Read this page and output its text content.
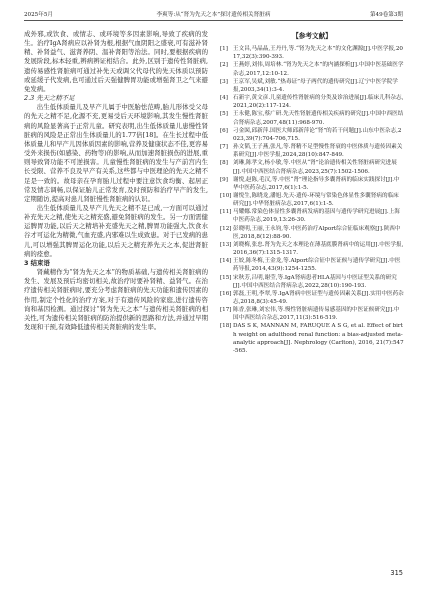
2025年5月	李爽等:从“肾为先天之本”探讨遗传相关肾脏病	第49卷第3期

成外邪,或饮食、或情志、或环境等多因素影响,导致了疾病的发生。治疗IgA肾病应以补肾为根,根据气血阴阳之盛衰,可有滋补肾精、补肾益气、滋肾养阴、温补肾阳等治法。同时,要根据疾病的发展阶段,标本轻重,辨病辨证相结合。此外,区别于遗传性肾脏病,遗传易感性肾脏病可通过补先天或调父代母代的先天体质以预防或延缓子代发病,也可通过后天强健脾胃功能或增强肾卫之气来避免发病。

2.3 先天之精不足

出生低体质量儿及早产儿属于中医胎怯范畴,胎儿形体受父母的先天之精不足,化源不充,更易受后天环境影响,其发生慢性肾脏病的风险显著高于正常儿童。研究表明,出生低体质量儿患慢性肾脏病的风险是正常出生体质量儿的1.77倍[18]。在生长过程中低体质量儿和早产儿因体质因素的影响,营养及健康状态不佳,更容易受外来损伤(如感染、药物等)的影响,从而加速肾脏损伤的进展,重则导致肾功能不可逆损害。儿童慢性肾脏病的发生与产前宫内生长受限、营养不良及早产有关系,这些都与中医理论的先天之精不足是一致的。故母亲在孕育胎儿过程中要注意饮食均衡、起居正常及情志调畅,以保证胎儿正常发育,及时预防和治疗早产的发生,定期随访,提高对患儿肾脏慢性肾脏病的认识。

出生低体质量儿及早产儿先天之精不足已成,一方面可以通过补充先天之精,使先天之精充盛,避免肾脏病的发生。另一方面需健运脾胃功能,以后天之精培补充盛先天之精,脾胃功能强大,饮食水谷才可运化为精微,气血充盛,内邪难以生成致患。对于已发病的患儿,可以增强其脾胃运化功能,以后天之精充养先天之本,促进肾脏病的痊愈。

3 结束语

肾藏精作为“肾为先天之本”的物质基础,与遗传相关肾脏病的发生、发展及预后均密切相关,故治疗时要补肾精、益肾气。在治疗遗传相关肾脏病时,要充分考虑肾脏病的先天功能和遗传因素的作用,制定个性化的治疗方案,对于有遗传风险的家庭,进行遗传咨询和基因检测。通过探讨“肾为先天之本”与遗传相关肾脏病的相关性,可为遗传相关肾脏病的防治提供新的思路和方法,并通过早期发现和干预,有效降低遗传相关肾脏病的发生率。

【参考文献】
[1] 王文昌,马晶晶,王丹丹,等.“肾为先天之本”的文化渊源[J].中医学报,2017,32(3):390-393.
[2] 王燕婷,刘伟,周培林.“肾为先天之本”的内涵探析[J].中国中医基础医学杂志,2017,12:10-12.
[3] 王京军,吴斌,刘敏.“热毒证”母子两代的遗传研究[J].辽宁中医学院学报,2003,34(1):3-4.
[4] 石新宇,黄文彦.儿童遗传性肾脏病的分类及诊治进展[J].临床儿科杂志,2021,20(2):117-124.
[5] 王永健,陈宝,蔡广研.先天性肾脏遗传相关疾病的研究[J].中国中西医结合肾病杂志,2007,48(11):968-970.
[6] 刁金囡,邱新萍.国医大师邱新萍论“肾”的若干问题[J].山东中医杂志,2023,39(7):704-706,715.
[7] 孙文韬,王子燕,张凡,等.肾精不足型慢性肾衰的中医体质与遗传因素关系研究[J].中医学报,2024,28(10):847-849.
[8] 刘琳,陈孝文,杨小敏,等.中医从“肾”论治遗传相关性肾脏病研究进展[J].中国中西医结合肾病杂志,2023,25(7):1502-1506.
[9] 谢悦,赵陈,毛汉,等.中医“肾”理论指导多囊肾病的临床实践探讨[J].中华中医药杂志,2017,6(1):1-5.
[10] 谢悦生,陈晓龙,潘旭.先天-遗传-环境与常染色体显性多囊肾病的临床研究[J].中华肾脏病杂志,2017,6(1):1-5.
[11] 马耀娜.常染色体显性多囊肾病发病的基因与遗传学研究进展[J].上海中医药杂志,2019,13:26-30.
[12] 彭晓明,王丽,王永钧,等.中医药治疗Alport综合征临床观察[J].陕西中医,2018,8(12):88-90.
[13] 刘晓梅,张忠.肾为先天之本理论在薄基底膜肾病中的运用[J].中医学报,2016,36(7):1315-1317.
[14] 王姣,陈冬梅,王金龙,等.Alport综合征中医证候与遗传学研究[J].中医药导报,2014,43(9):1254-1255.
[15] 宋秋芳,吕明,谢莹,等.IgA肾病患者HLA基因与中医证型关系的研究[J].中国中西医结合肾病杂志,2022,28(10):190-193.
[16] 郭磊,王明,李翠,等.IgA肾病中医证型与遗传因素关系[J].实用中医药杂志,2018,8(3):45-49.
[17] 陈香,张琳,刘宏伟,等.慢性肾脏病遗传易感基因的中医证候研究[J].中国中西医结合杂志,2017,11(3):516-519.
[18] DAS S K, MANNAN M, FARUQUE A S G, et al. Effect of birth weight on adulthood renal function: a bias-adjusted meta-analytic approach[J]. Nephrology (Carlton), 2016, 21(7):547-565.
315
